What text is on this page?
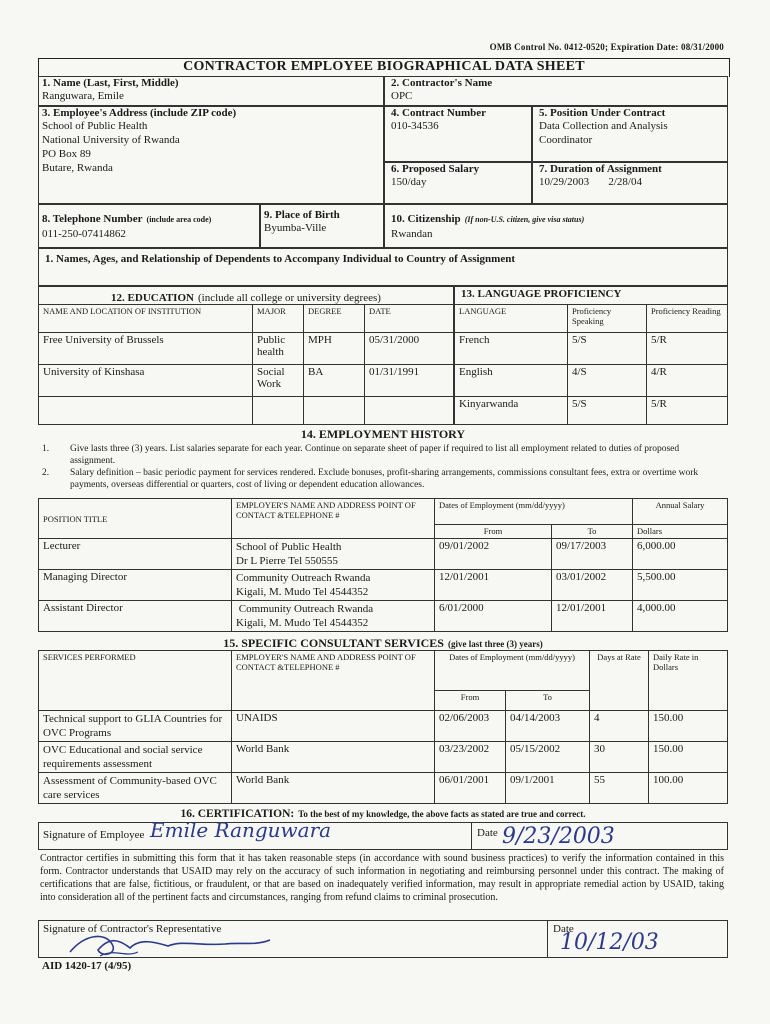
OMB Control No. 0412-0520; Expiration Date: 08/31/2000
CONTRACTOR EMPLOYEE BIOGRAPHICAL DATA SHEET
1. Name (Last, First, Middle)
Ranguwara, Emile
2. Contractor's Name
OPC
3. Employee's Address (include ZIP code)
School of Public Health
National University of Rwanda
PO Box 89
Butare, Rwanda
4. Contract Number
010-34536
5. Position Under Contract
Data Collection and Analysis
Coordinator
6. Proposed Salary
150/day
7. Duration of Assignment
10/29/2003       2/28/04
8. Telephone Number (include area code)
011-250-07414862
9. Place of Birth
Byumba-Ville
10. Citizenship (If non-U.S. citizen, give visa status)
Rwandan
1. Names, Ages, and Relationship of Dependents to Accompany Individual to Country of Assignment
12. EDUCATION (include all college or university degrees)	13. LANGUAGE PROFICIENCY
NAME AND LOCATION OF INSTITUTION	MAJOR	DEGREE	DATE
Free University of Brussels	Public health	MPH	05/31/2000
University of Kinshasa	Social Work	BA	01/31/1991

LANGUAGE	Proficiency Speaking	Proficiency Reading
French	5/S	5/R
English	4/S	4/R
Kinyarwanda	5/S	5/R
14. EMPLOYMENT HISTORY
1.	Give lasts three (3) years. List salaries separate for each year. Continue on separate sheet of paper if required to list all employment related to duties of proposed assignment.
2.	Salary definition – basic periodic payment for services rendered. Exclude bonuses, profit-sharing arrangements, commissions consultant fees, extra or overtime work payments, overseas differential or quarters, cost of living or dependent education allowances.
POSITION TITLE	EMPLOYER'S NAME AND ADDRESS POINT OF CONTACT &TELEPHONE #	Dates of Employment (mm/dd/yyyy)		Annual Salary
		From	To	Dollars
Lecturer	School of Public Health
Dr L Pierre Tel 550555	09/01/2002	09/17/2003	6,000.00
Managing Director	Community Outreach Rwanda
Kigali, M. Mudo Tel 4544352	12/01/2001	03/01/2002	5,500.00
Assistant Director	Community Outreach Rwanda
Kigali, M. Mudo Tel 4544352	6/01/2000	12/01/2001	4,000.00
15. SPECIFIC CONSULTANT SERVICES (give last three (3) years)
SERVICES PERFORMED	EMPLOYER'S NAME AND ADDRESS POINT OF CONTACT &TELEPHONE #	Dates of Employment (mm/dd/yyyy)		Days at Rate	Daily Rate in Dollars
		From	To		
Technical support to GLIA Countries for OVC Programs	UNAIDS	02/06/2003	04/14/2003	4	150.00
OVC Educational and social service requirements assessment	World Bank	03/23/2002	05/15/2002	30	150.00
Assessment of Community-based OVC care services	World Bank	06/01/2001	09/1/2001	55	100.00
16. CERTIFICATION: To the best of my knowledge, the above facts as stated are true and correct.
Signature of Employee	Date
Emile Ranguwara	9/23/2003
Contractor certifies in submitting this form that it has taken reasonable steps (in accordance with sound business practices) to verify the information contained in this form. Contractor understands that USAID may rely on the accuracy of such information in negotiating and reimbursing personnel under this contract. The making of certifications that are false, fictitious, or fraudulent, or that are based on inadequately verified information, may result in appropriate remedial action by USAID, taking into consideration all of the pertinent facts and circumstances, ranging from refund claims to criminal prosecution.
Signature of Contractor's Representative	Date
10/12/03
AID 1420-17 (4/95)
